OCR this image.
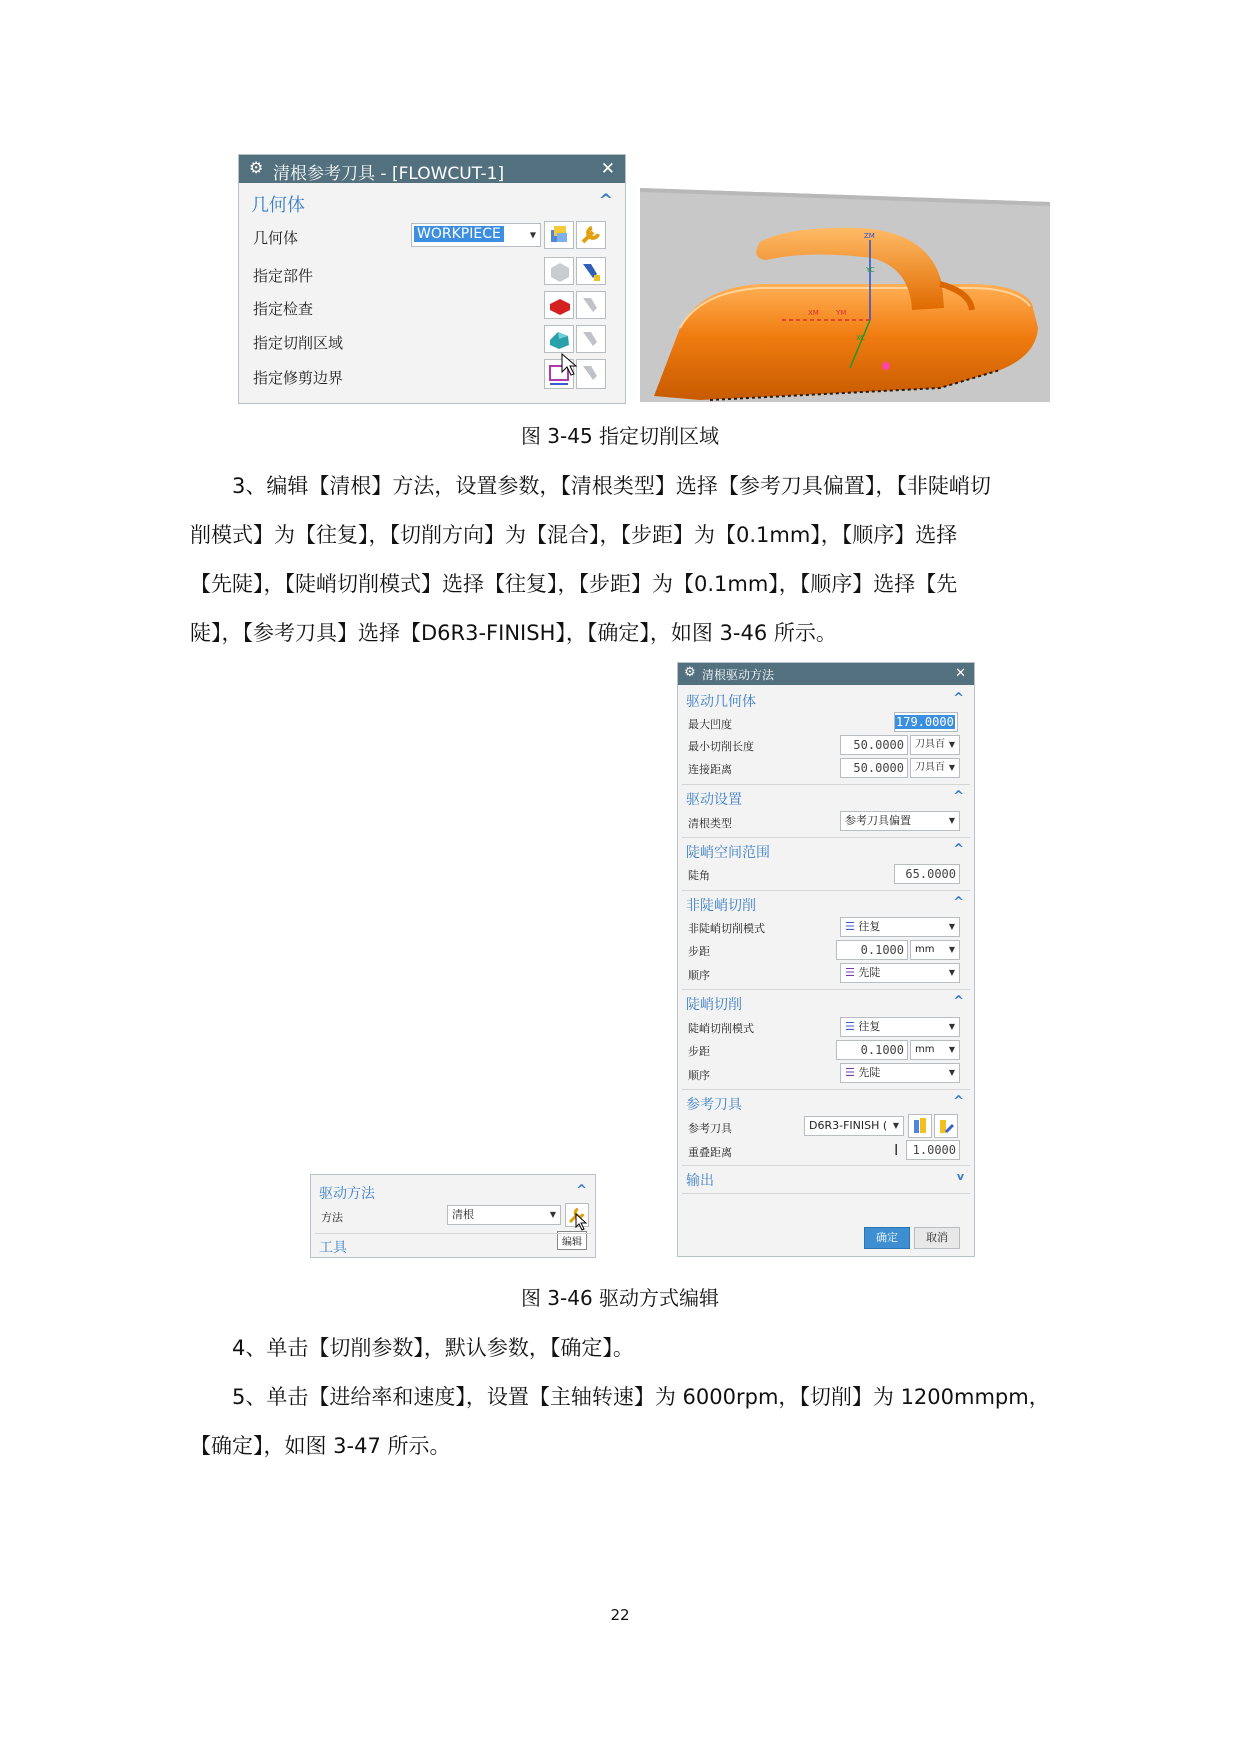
⚙ 清根参考刀具 - [FLOWCUT-1]	✕
几何体	^
几何体	WORKPIECE	▼
指定部件
指定检查
指定切削区域
指定修剪边界
ZM
YM
XM
XC
YC
图 3-45 指定切削区域
3、编辑【清根】方法，设置参数，【清根类型】选择【参考刀具偏置】，【非陡峭切
削模式】为【往复】，【切削方向】为【混合】，【步距】为【0.1mm】，【顺序】选择
【先陡】，【陡峭切削模式】选择【往复】，【步距】为【0.1mm】，【顺序】选择【先
陡】，【参考刀具】选择【D6R3-FINISH】，【确定】，如图 3-46 所示。
⚙ 清根驱动方法	✕
驱动几何体	^
最大凹度	179.0000
最小切削长度	50.0000	刀具百 ▼
连接距离	50.0000	刀具百 ▼
驱动设置	^
清根类型	参考刀具偏置	▼
陡峭空间范围	^
陡角	65.0000
非陡峭切削	^
非陡峭切削模式	☰ 往复	▼
步距	0.1000	mm ▼
顺序	☰ 先陡	▼
陡峭切削	^
陡峭切削模式	☰ 往复	▼
步距	0.1000	mm ▼
顺序	☰ 先陡	▼
参考刀具	^
参考刀具	D6R3-FINISH ( ▼
重叠距离	I	1.0000
输出	v
确定	取消
驱动方法	^
方法	清根	▼
编辑
工具
图 3-46 驱动方式编辑
4、单击【切削参数】，默认参数，【确定】。
5、单击【进给率和速度】，设置【主轴转速】为 6000rpm，【切削】为 1200mmpm，
【确定】，如图 3-47 所示。
22
